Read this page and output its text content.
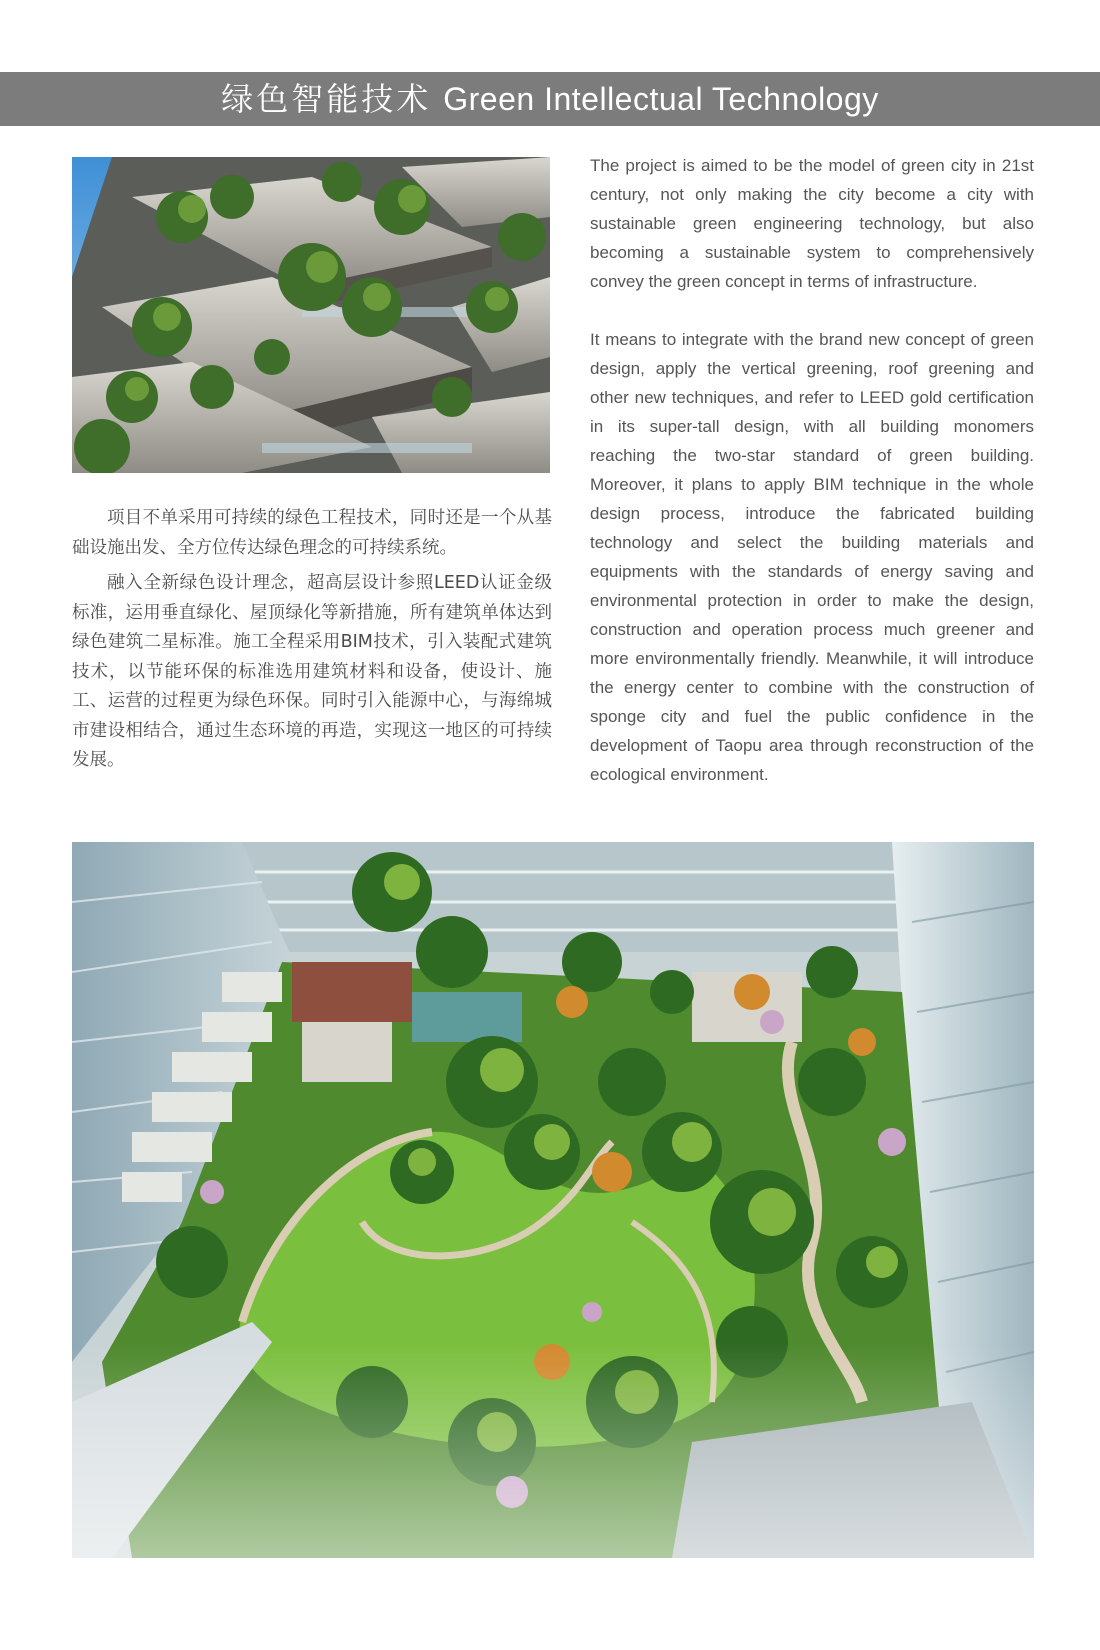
绿色智能技术 Green Intellectual Technology

项目不单采用可持续的绿色工程技术，同时还是一个从基础设施出发、全方位传达绿色理念的可持续系统。

融入全新绿色设计理念，超高层设计参照LEED认证金级标准，运用垂直绿化、屋顶绿化等新措施，所有建筑单体达到绿色建筑二星标准。施工全程采用BIM技术，引入装配式建筑技术，以节能环保的标准选用建筑材料和设备，使设计、施工、运营的过程更为绿色环保。同时引入能源中心，与海绵城市建设相结合，通过生态环境的再造，实现这一地区的可持续发展。

The project is aimed to be the model of green city in 21st century, not only making the city become a city with sustainable green engineering technology, but also becoming a sustainable system to comprehensively convey the green concept in terms of infrastructure.

It means to integrate with the brand new concept of green design, apply the vertical greening, roof greening and other new techniques, and refer to LEED gold certification in its super-tall design, with all building monomers reaching the two-star standard of green building. Moreover, it plans to apply BIM technique in the whole design process, introduce the fabricated building technology and select the building materials and equipments with the standards of energy saving and environmental protection in order to make the design, construction and operation process much greener and more environmentally friendly. Meanwhile, it will introduce the energy center to combine with the construction of sponge city and fuel the public confidence in the development of Taopu area through reconstruction of the ecological environment.
